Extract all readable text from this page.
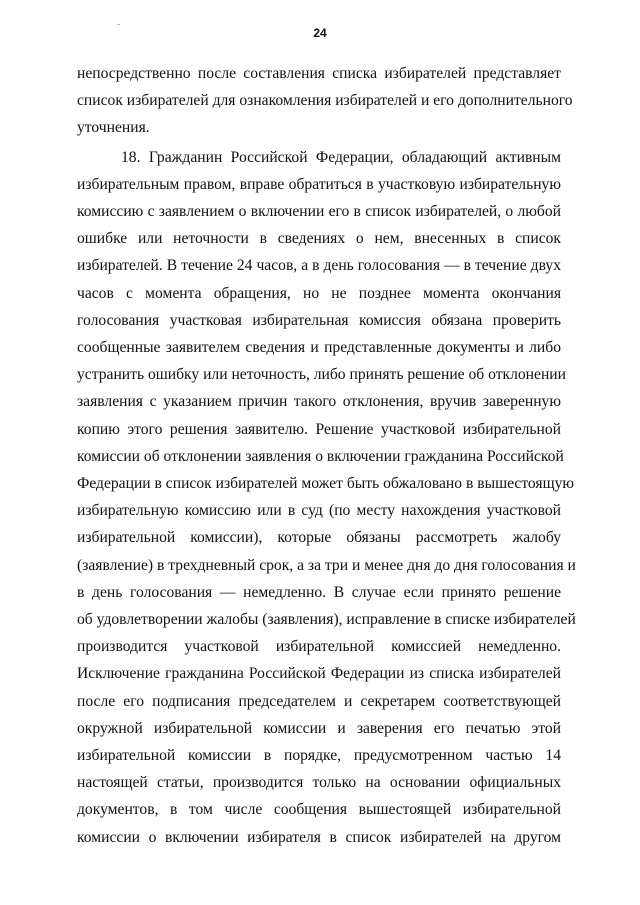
24
непосредственно после составления списка избирателей представляет
список избирателей для ознакомления избирателей и его дополнительного
уточнения.
18. Гражданин Российской Федерации, обладающий активным
избирательным правом, вправе обратиться в участковую избирательную
комиссию с заявлением о включении его в список избирателей, о любой
ошибке или неточности в сведениях о нем, внесенных в список
избирателей. В течение 24 часов, а в день голосования — в течение двух
часов с момента обращения, но не позднее момента окончания
голосования участковая избирательная комиссия обязана проверить
сообщенные заявителем сведения и представленные документы и либо
устранить ошибку или неточность, либо принять решение об отклонении
заявления с указанием причин такого отклонения, вручив заверенную
копию этого решения заявителю. Решение участковой избирательной
комиссии об отклонении заявления о включении гражданина Российской
Федерации в список избирателей может быть обжаловано в вышестоящую
избирательную комиссию или в суд (по месту нахождения участковой
избирательной комиссии), которые обязаны рассмотреть жалобу
(заявление) в трехдневный срок, а за три и менее дня до дня голосования и
в день голосования — немедленно. В случае если принято решение
об удовлетворении жалобы (заявления), исправление в списке избирателей
производится участковой избирательной комиссией немедленно.
Исключение гражданина Российской Федерации из списка избирателей
после его подписания председателем и секретарем соответствующей
окружной избирательной комиссии и заверения его печатью этой
избирательной комиссии в порядке, предусмотренном частью 14
настоящей статьи, производится только на основании официальных
документов, в том числе сообщения вышестоящей избирательной
комиссии о включении избирателя в список избирателей на другом
